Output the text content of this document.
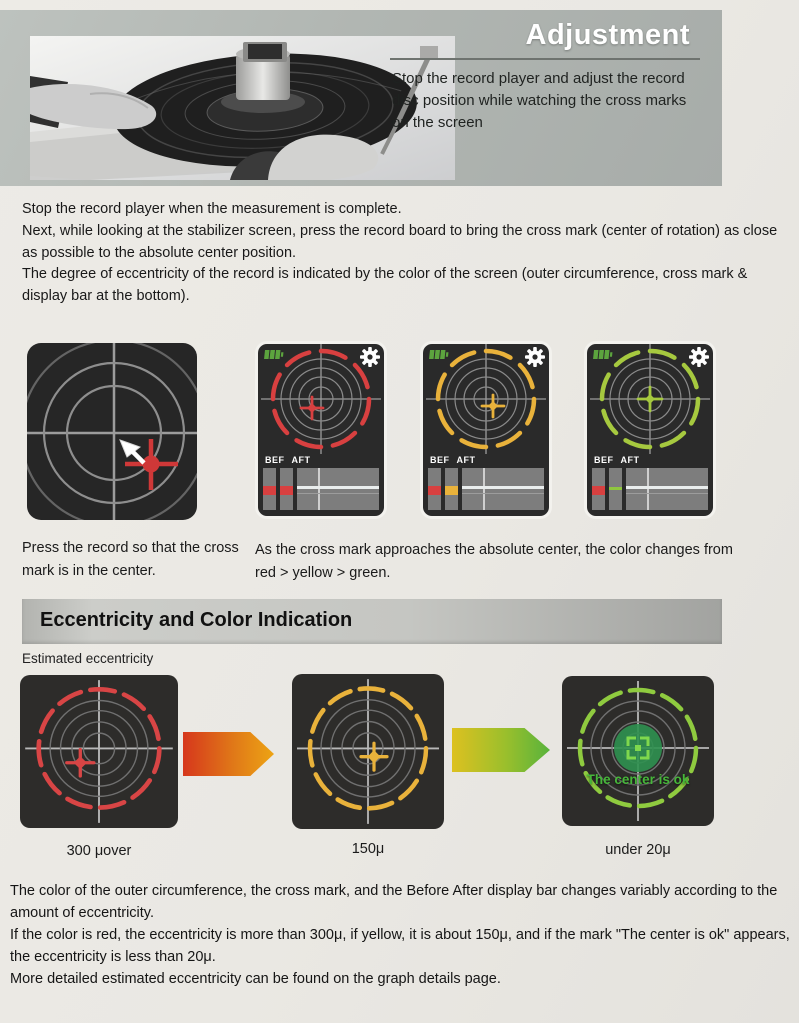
Adjustment

Stop the record player and adjust the record disc position while watching the cross marks on the screen

Stop the record player when the measurement is complete.

Next, while looking at the stabilizer screen, press the record board to bring the cross mark (center of rotation) as close as possible to the absolute center position.

The degree of eccentricity of the record is indicated by the color of the screen (outer circumference, cross mark & display bar at the bottom).

BEF AFT	BEF AFT	BEF AFT

Press the record so that the cross mark is in the center.

As the cross mark approaches the absolute center, the color changes from red > yellow > green.

Eccentricity and Color Indication

Estimated eccentricity

The center is ok
300 μover	150μ	under 20μ

The color of the outer circumference, the cross mark, and the Before After display bar changes variably according to the amount of eccentricity.

If the color is red, the eccentricity is more than 300μ, if yellow, it is about 150μ, and if the mark "The center is ok" appears, the eccentricity is less than 20μ.

More detailed estimated eccentricity can be found on the graph details page.
